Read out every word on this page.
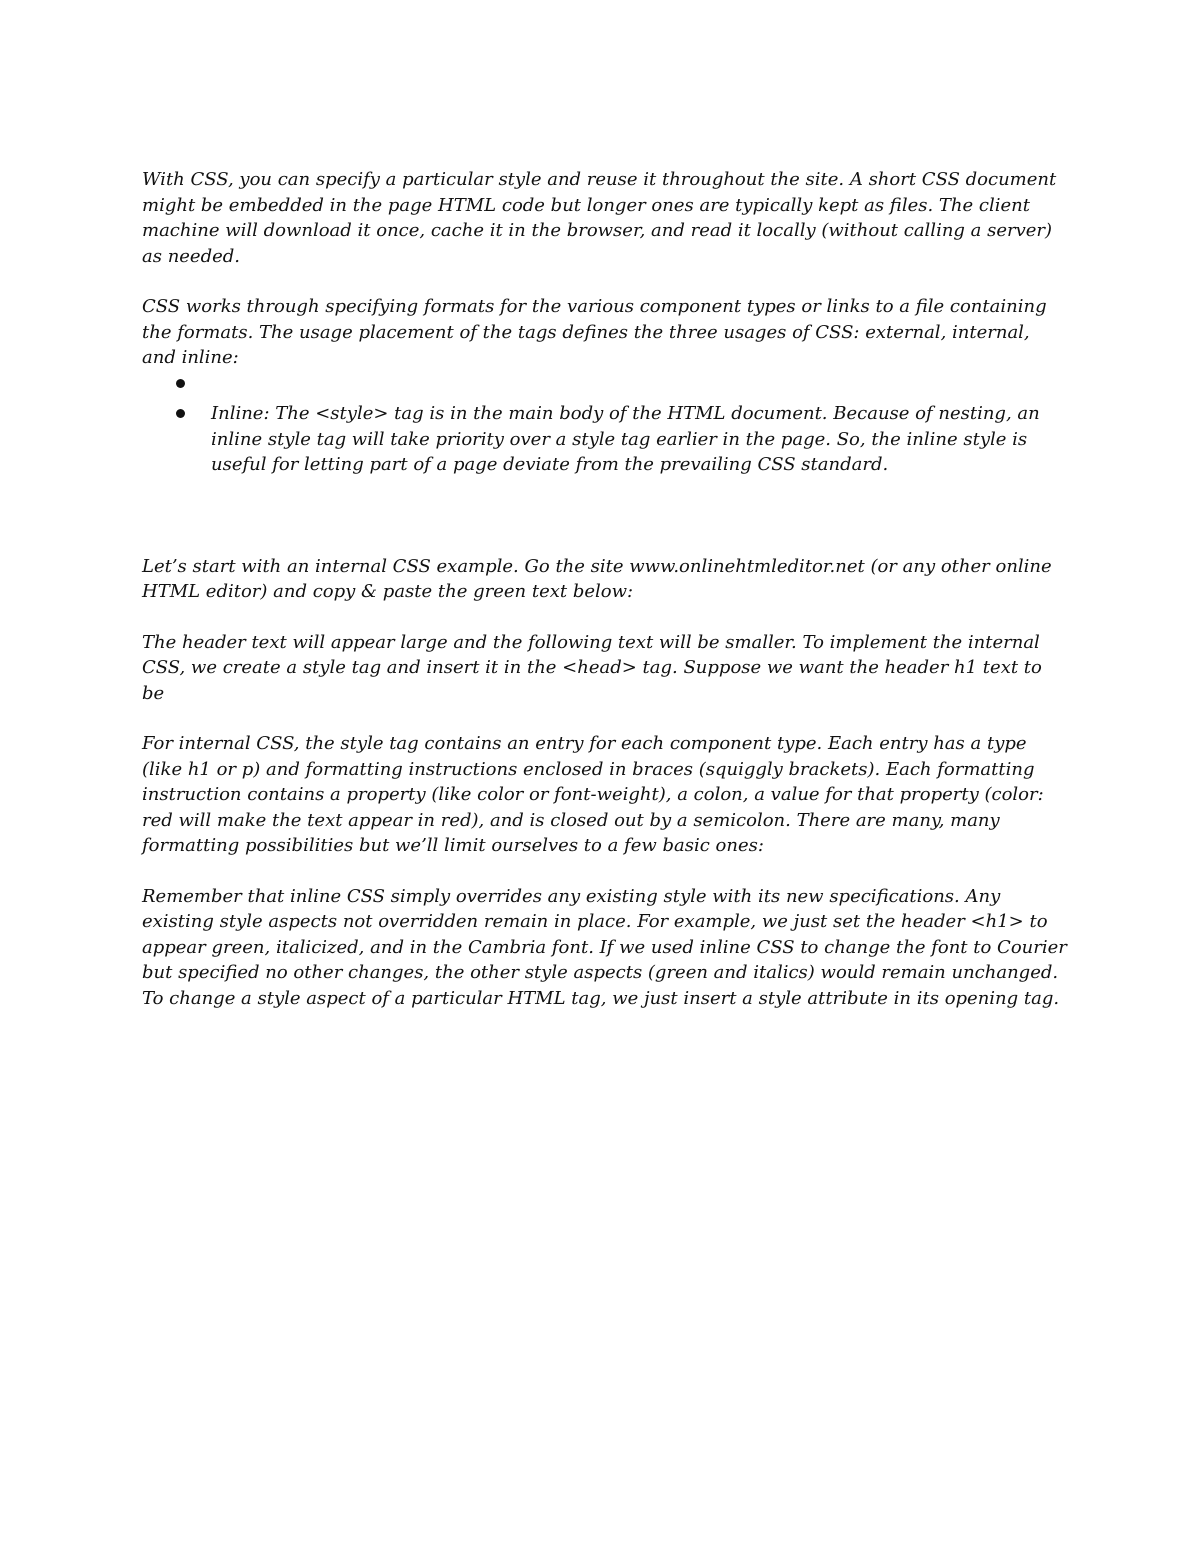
With CSS, you can specify a particular style and reuse it throughout the site. A short CSS document might be embedded in the page HTML code but longer ones are typically kept as files. The client machine will download it once, cache it in the browser, and read it locally (without calling a server) as needed.

CSS works through specifying formats for the various component types or links to a file containing the formats. The usage placement of the tags defines the three usages of CSS: external, internal, and inline:

Inline: The <style> tag is in the main body of the HTML document. Because of nesting, an inline style tag will take priority over a style tag earlier in the page. So, the inline style is useful for letting part of a page deviate from the prevailing CSS standard.

Let’s start with an internal CSS example. Go the site www.onlinehtmleditor.net (or any other online HTML editor) and copy & paste the green text below:

The header text will appear large and the following text will be smaller. To implement the internal CSS, we create a style tag and insert it in the <head> tag. Suppose we want the header h1 text to be

For internal CSS, the style tag contains an entry for each component type. Each entry has a type (like h1 or p) and formatting instructions enclosed in braces (squiggly brackets). Each formatting instruction contains a property (like color or font-weight), a colon, a value for that property (color: red will make the text appear in red), and is closed out by a semicolon. There are many, many formatting possibilities but we’ll limit ourselves to a few basic ones:

Remember that inline CSS simply overrides any existing style with its new specifications. Any existing style aspects not overridden remain in place. For example, we just set the header <h1> to appear green, italicized, and in the Cambria font. If we used inline CSS to change the font to Courier but specified no other changes, the other style aspects (green and italics) would remain unchanged. To change a style aspect of a particular HTML tag, we just insert a style attribute in its opening tag.
